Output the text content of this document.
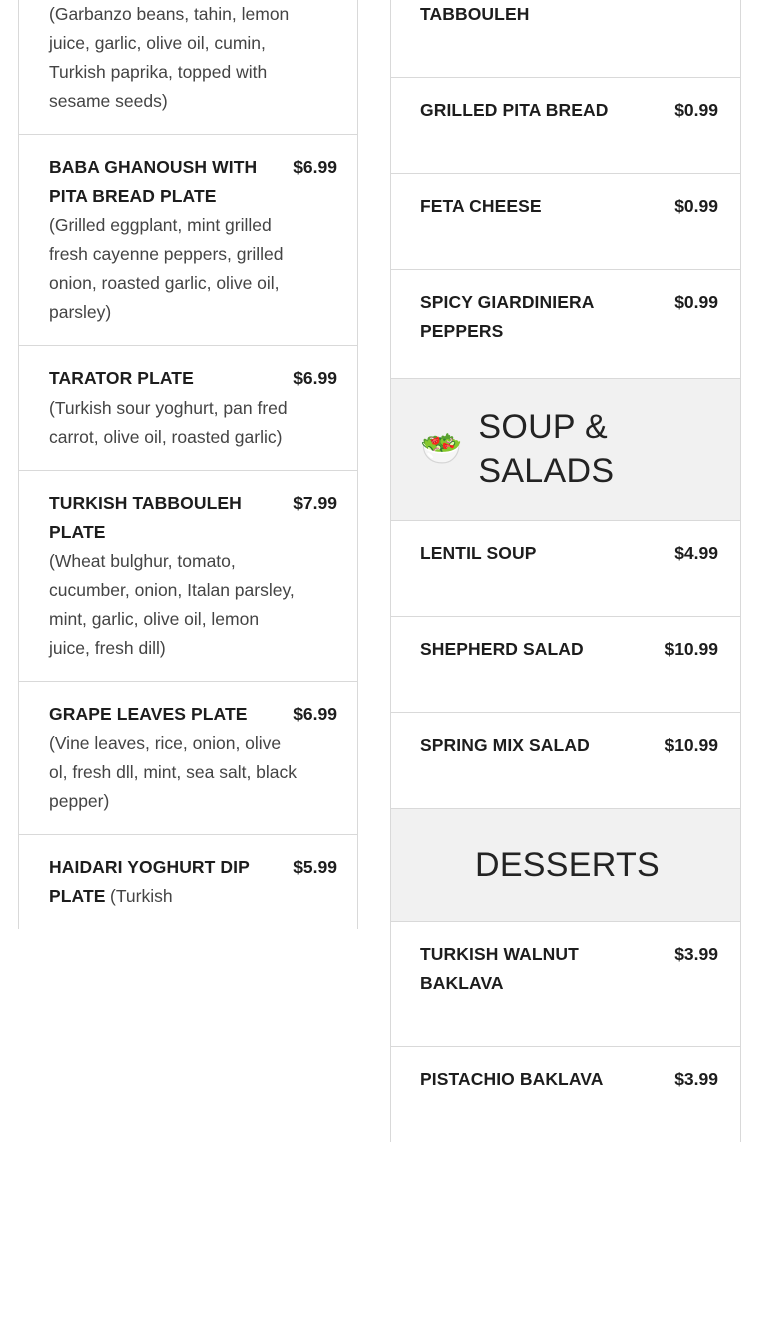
(Garbanzo beans, tahin, lemon juice, garlic, olive oil, cumin, Turkish paprika, topped with sesame seeds)
BABA GHANOUSH WITH PITA BREAD PLATE
$6.99
(Grilled eggplant, mint grilled fresh cayenne peppers, grilled onion, roasted garlic, olive oil, parsley)
TARATOR PLATE	$6.99
(Turkish sour yoghurt, pan fred carrot, olive oil, roasted garlic)
TURKISH TABBOULEH PLATE
$7.99
(Wheat bulghur, tomato, cucumber, onion, Italan parsley, mint, garlic, olive oil, lemon juice, fresh dill)
GRAPE LEAVES PLATE	$6.99
(Vine leaves, rice, onion, olive ol, fresh dll, mint, sea salt, black pepper)
HAIDARI YOGHURT DIP PLATE (Turkish
$5.99
TABBOULEH
GRILLED PITA BREAD	$0.99
FETA CHEESE	$0.99
SPICY GIARDINIERA PEPPERS
$0.99
🥗
SOUP & SALADS
LENTIL SOUP	$4.99
SHEPHERD SALAD	$10.99
SPRING MIX SALAD	$10.99
DESSERTS
TURKISH WALNUT BAKLAVA
$3.99
PISTACHIO BAKLAVA	$3.99
